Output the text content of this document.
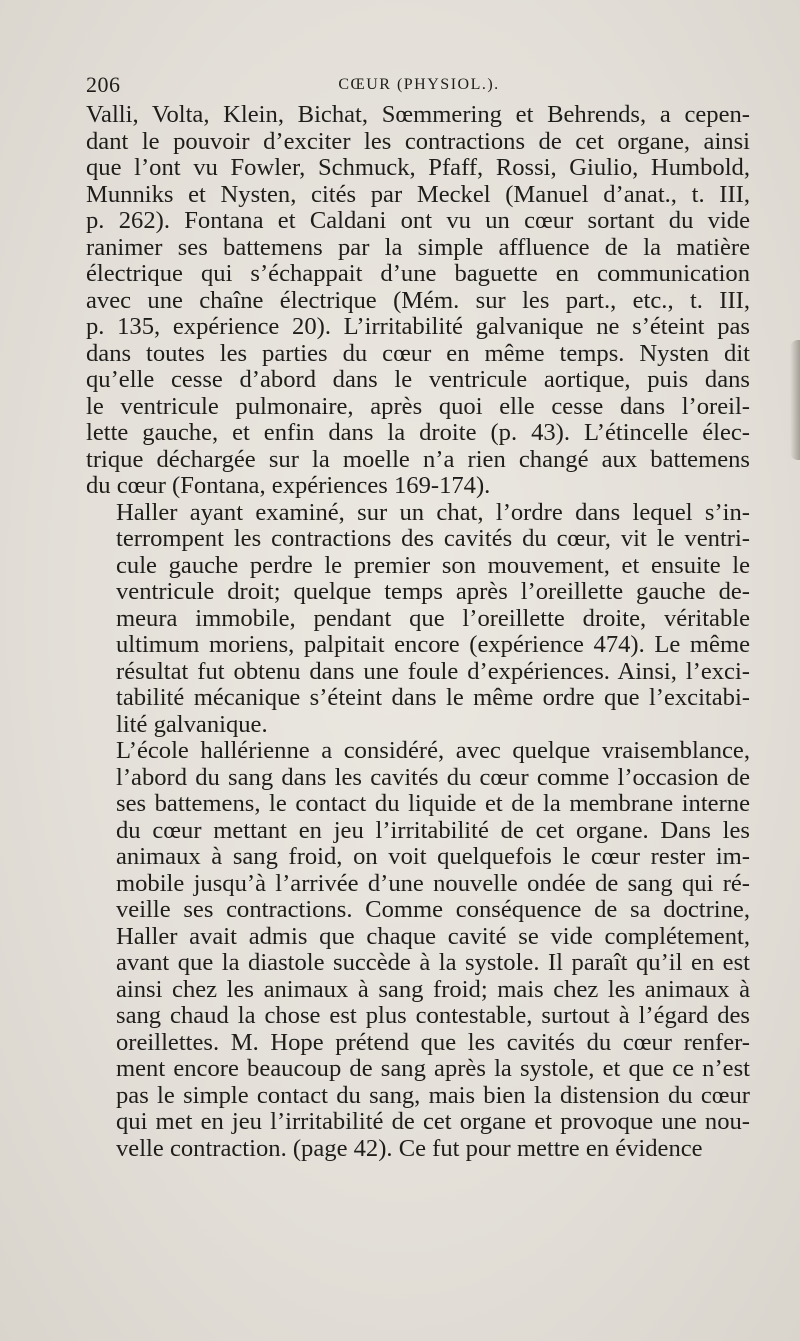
206	CŒUR (PHYSIOL.).
Valli, Volta, Klein, Bichat, Sœmmering et Behrends, a cepen-
dant le pouvoir d’exciter les contractions de cet organe, ainsi
que l’ont vu Fowler, Schmuck, Pfaff, Rossi, Giulio, Humbold,
Munniks et Nysten, cités par Meckel (Manuel d’anat., t. III,
p. 262). Fontana et Caldani ont vu un cœur sortant du vide
ranimer ses battemens par la simple affluence de la matière
électrique qui s’échappait d’une baguette en communication
avec une chaîne électrique (Mém. sur les part., etc., t. III,
p. 135, expérience 20). L’irritabilité galvanique ne s’éteint pas
dans toutes les parties du cœur en même temps. Nysten dit
qu’elle cesse d’abord dans le ventricule aortique, puis dans
le ventricule pulmonaire, après quoi elle cesse dans l’oreil-
lette gauche, et enfin dans la droite (p. 43). L’étincelle élec-
trique déchargée sur la moelle n’a rien changé aux battemens
du cœur (Fontana, expériences 169-174).
Haller ayant examiné, sur un chat, l’ordre dans lequel s’in-
terrompent les contractions des cavités du cœur, vit le ventri-
cule gauche perdre le premier son mouvement, et ensuite le
ventricule droit; quelque temps après l’oreillette gauche de-
meura immobile, pendant que l’oreillette droite, véritable
ultimum moriens, palpitait encore (expérience 474). Le même
résultat fut obtenu dans une foule d’expériences. Ainsi, l’exci-
tabilité mécanique s’éteint dans le même ordre que l’excitabi-
lité galvanique.
L’école hallérienne a considéré, avec quelque vraisemblance,
l’abord du sang dans les cavités du cœur comme l’occasion de
ses battemens, le contact du liquide et de la membrane interne
du cœur mettant en jeu l’irritabilité de cet organe. Dans les
animaux à sang froid, on voit quelquefois le cœur rester im-
mobile jusqu’à l’arrivée d’une nouvelle ondée de sang qui ré-
veille ses contractions. Comme conséquence de sa doctrine,
Haller avait admis que chaque cavité se vide complétement,
avant que la diastole succède à la systole. Il paraît qu’il en est
ainsi chez les animaux à sang froid; mais chez les animaux à
sang chaud la chose est plus contestable, surtout à l’égard des
oreillettes. M. Hope prétend que les cavités du cœur renfer-
ment encore beaucoup de sang après la systole, et que ce n’est
pas le simple contact du sang, mais bien la distension du cœur
qui met en jeu l’irritabilité de cet organe et provoque une nou-
velle contraction. (page 42). Ce fut pour mettre en évidence
